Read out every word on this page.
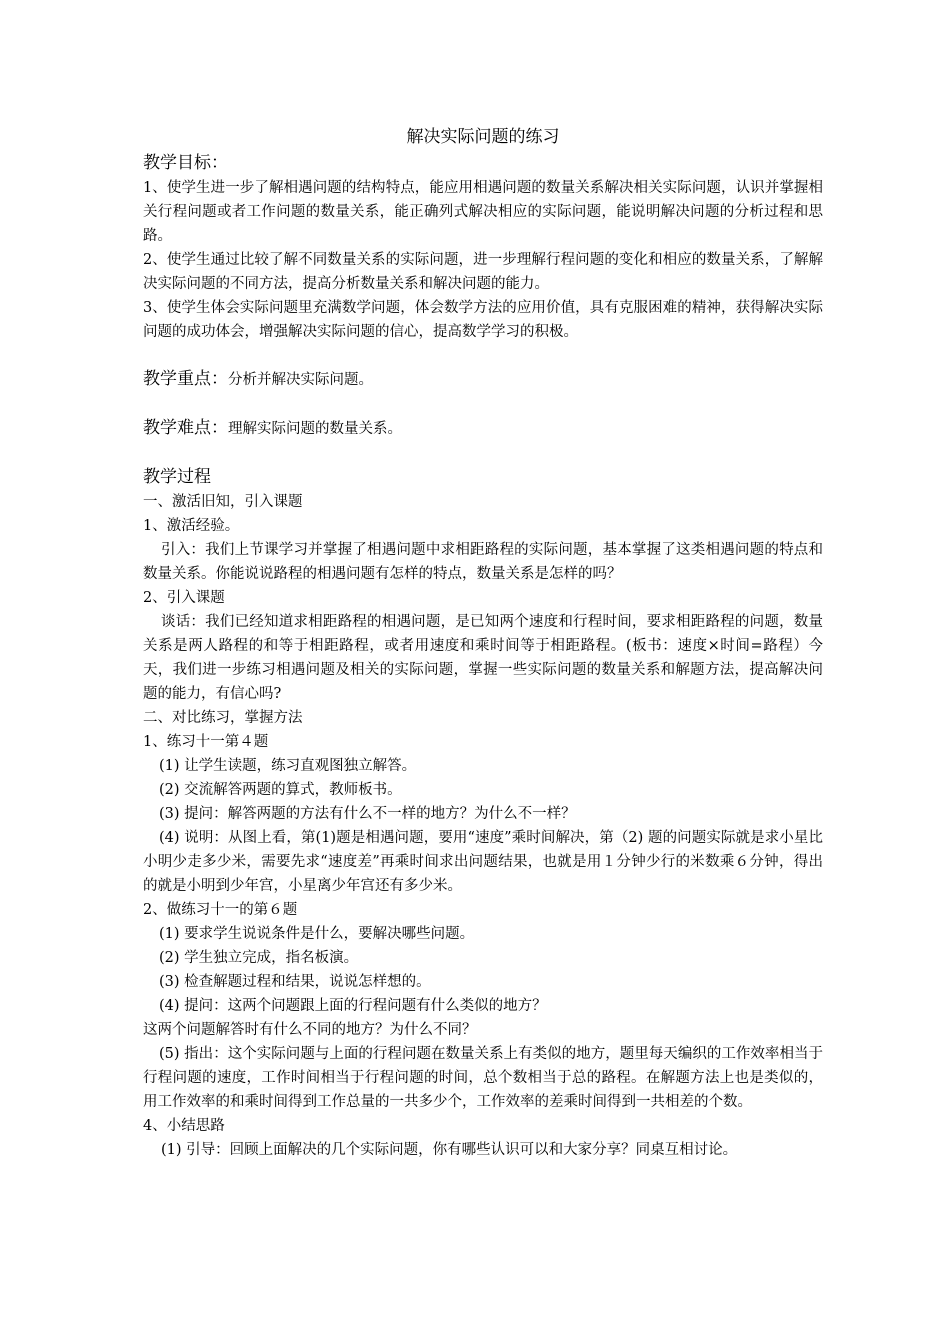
解决实际问题的练习
教学目标：

1、使学生进一步了解相遇问题的结构特点，能应用相遇问题的数量关系解决相关实际问题，认识并掌握相关行程问题或者工作问题的数量关系，能正确列式解决相应的实际问题，能说明解决问题的分析过程和思路。

2、使学生通过比较了解不同数量关系的实际问题，进一步理解行程问题的变化和相应的数量关系，了解解决实际问题的不同方法，提高分析数量关系和解决问题的能力。

3、使学生体会实际问题里充满数学问题，体会数学方法的应用价值，具有克服困难的精神，获得解决实际问题的成功体会，增强解决实际问题的信心，提高数学学习的积极。

教学重点：分析并解决实际问题。
教学难点：理解实际问题的数量关系。
教学过程

一、激活旧知，引入课题

1、激活经验。

引入：我们上节课学习并掌握了相遇问题中求相距路程的实际问题，基本掌握了这类相遇问题的特点和数量关系。你能说说路程的相遇问题有怎样的特点，数量关系是怎样的吗？

2、引入课题

谈话：我们已经知道求相距路程的相遇问题，是已知两个速度和行程时间，要求相距路程的问题，数量关系是两人路程的和等于相距路程，或者用速度和乘时间等于相距路程。(板书：速度×时间=路程）今天，我们进一步练习相遇问题及相关的实际问题，掌握一些实际问题的数量关系和解题方法，提高解决问题的能力，有信心吗?

二、对比练习，掌握方法

1、练习十一第４题

(1) 让学生读题，练习直观图独立解答。

(2) 交流解答两题的算式，教师板书。

(3) 提问：解答两题的方法有什么不一样的地方？为什么不一样？

(4) 说明：从图上看，第(1)题是相遇问题，要用“速度”乘时间解决，第（2) 题的问题实际就是求小星比小明少走多少米，需要先求“速度差”再乘时间求出问题结果，也就是用１分钟少行的米数乘６分钟，得出的就是小明到少年宫，小星离少年宫还有多少米。

2、做练习十一的第６题

(1) 要求学生说说条件是什么，要解决哪些问题。

(2) 学生独立完成，指名板演。

(3) 检查解题过程和结果，说说怎样想的。

(4) 提问：这两个问题跟上面的行程问题有什么类似的地方？

这两个问题解答时有什么不同的地方？为什么不同？

(5) 指出：这个实际问题与上面的行程问题在数量关系上有类似的地方，题里每天编织的工作效率相当于行程问题的速度，工作时间相当于行程问题的时间，总个数相当于总的路程。在解题方法上也是类似的，用工作效率的和乘时间得到工作总量的一共多少个，工作效率的差乘时间得到一共相差的个数。

4、小结思路

(1) 引导：回顾上面解决的几个实际问题，你有哪些认识可以和大家分享？同桌互相讨论。
